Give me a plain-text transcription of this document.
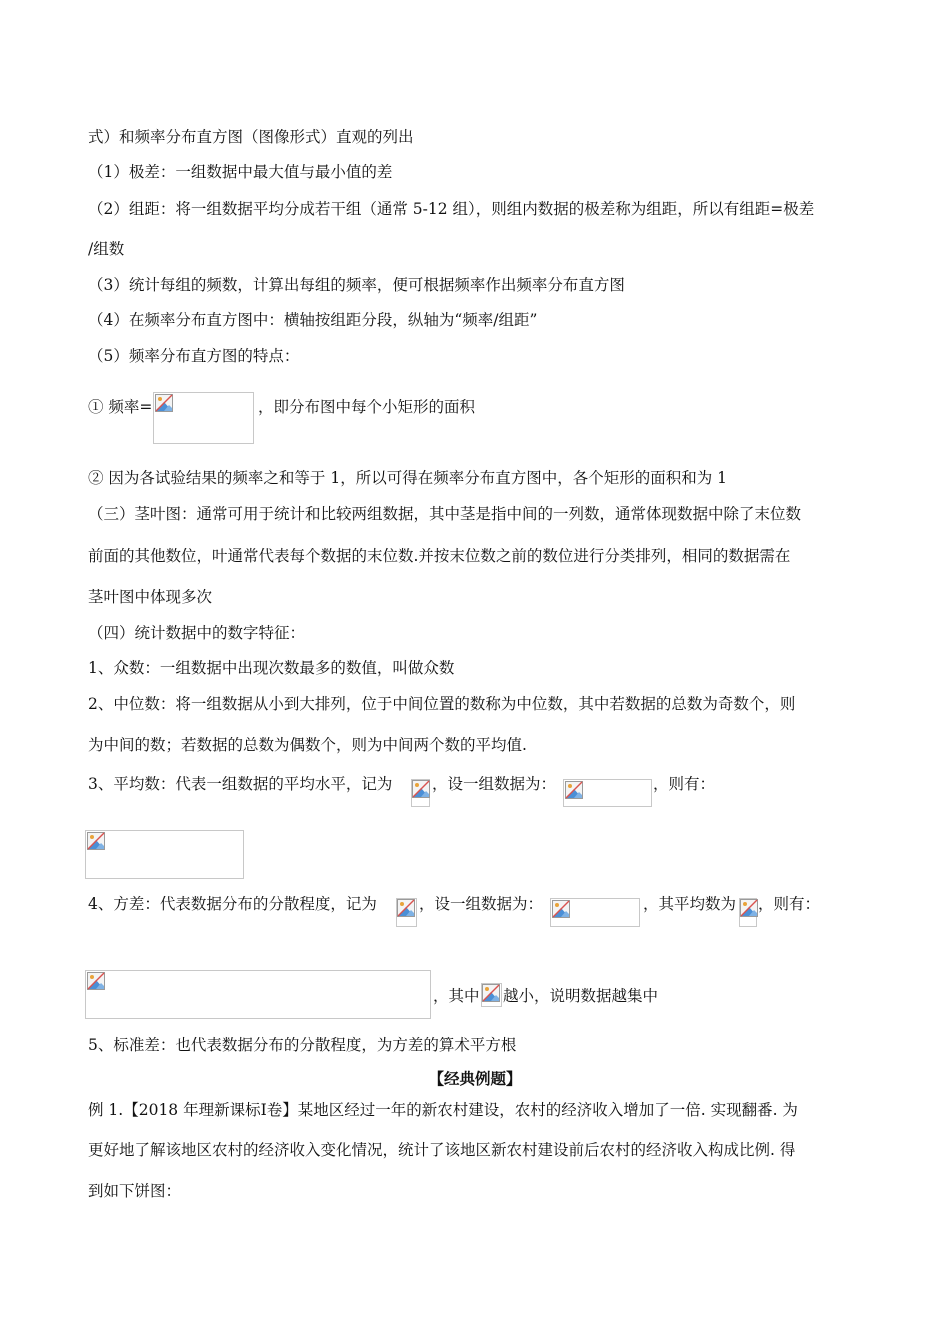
式）和频率分布直方图（图像形式）直观的列出
（1）极差：一组数据中最大值与最小值的差
（2）组距：将一组数据平均分成若干组（通常 5-12 组），则组内数据的极差称为组距，所以有组距=极差
/组数
（3）统计每组的频数，计算出每组的频率，便可根据频率作出频率分布直方图
（4）在频率分布直方图中：横轴按组距分段，纵轴为“频率/组距”
（5）频率分布直方图的特点：
① 频率=	，即分布图中每个小矩形的面积
② 因为各试验结果的频率之和等于 1，所以可得在频率分布直方图中，各个矩形的面积和为 1
（三）茎叶图：通常可用于统计和比较两组数据，其中茎是指中间的一列数，通常体现数据中除了末位数
前面的其他数位，叶通常代表每个数据的末位数.并按末位数之前的数位进行分类排列，相同的数据需在
茎叶图中体现多次
（四）统计数据中的数字特征：
1、众数：一组数据中出现次数最多的数值，叫做众数
2、中位数：将一组数据从小到大排列，位于中间位置的数称为中位数，其中若数据的总数为奇数个，则
为中间的数；若数据的总数为偶数个，则为中间两个数的平均值.
3、平均数：代表一组数据的平均水平，记为	，设一组数据为：	，则有：
4、方差：代表数据分布的分散程度，记为	，设一组数据为：	，其平均数为 ，则有：
，其中 越小，说明数据越集中
5、标准差：也代表数据分布的分散程度，为方差的算术平方根
【经典例题】
例 1.【2018 年理新课标Ⅰ卷】某地区经过一年的新农村建设，农村的经济收入增加了一倍. 实现翻番. 为
更好地了解该地区农村的经济收入变化情况，统计了该地区新农村建设前后农村的经济收入构成比例. 得
到如下饼图：
